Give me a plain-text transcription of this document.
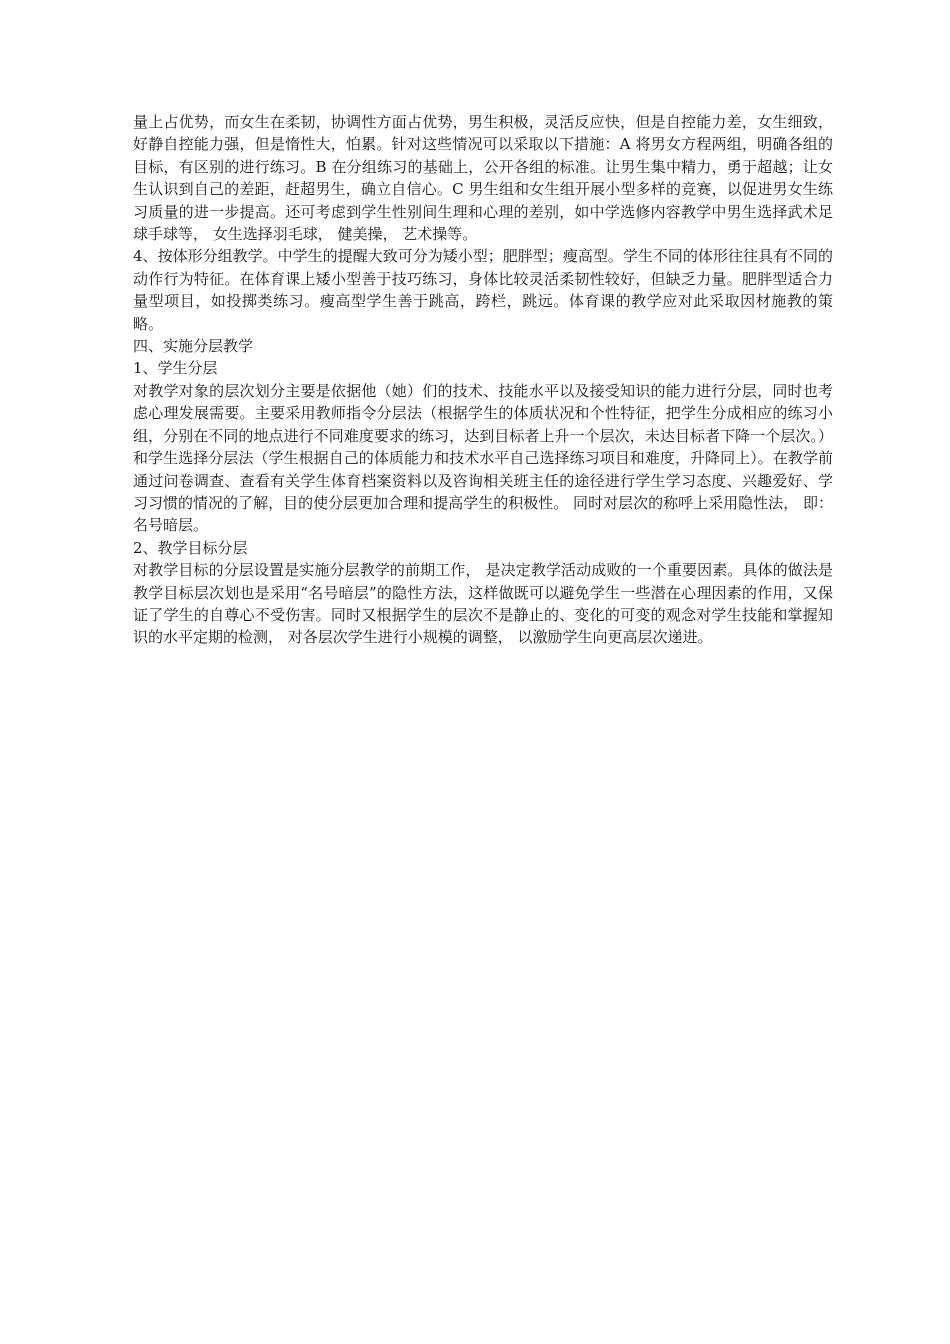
量上占优势，而女生在柔韧，协调性方面占优势，男生积极，灵活反应快，但是自控能力差，女生细致，好静自控能力强，但是惰性大，怕累。针对这些情况可以采取以下措施：A 将男女方程两组，明确各组的目标，有区别的进行练习。B 在分组练习的基础上，公开各组的标准。让男生集中精力，勇于超越；让女生认识到自己的差距，赶超男生，确立自信心。C 男生组和女生组开展小型多样的竞赛，以促进男女生练习质量的进一步提高。还可考虑到学生性别间生理和心理的差别，如中学选修内容教学中男生选择武术足球手球等， 女生选择羽毛球， 健美操， 艺术操等。

4、按体形分组教学。中学生的提醒大致可分为矮小型；肥胖型；瘦高型。学生不同的体形往往具有不同的动作行为特征。在体育课上矮小型善于技巧练习，身体比较灵活柔韧性较好，但缺乏力量。肥胖型适合力量型项目，如投掷类练习。瘦高型学生善于跳高，跨栏，跳远。体育课的教学应对此采取因材施教的策略。

四、实施分层教学

1、学生分层

对教学对象的层次划分主要是依据他（她）们的技术、技能水平以及接受知识的能力进行分层，同时也考虑心理发展需要。主要采用教师指令分层法（根据学生的体质状况和个性特征，把学生分成相应的练习小组，分别在不同的地点进行不同难度要求的练习，达到目标者上升一个层次，未达目标者下降一个层次。）和学生选择分层法（学生根据自己的体质能力和技术水平自己选择练习项目和难度，升降同上）。在教学前通过问卷调查、查看有关学生体育档案资料以及咨询相关班主任的途径进行学生学习态度、兴趣爱好、学习习惯的情况的了解，目的使分层更加合理和提高学生的积极性。 同时对层次的称呼上采用隐性法， 即： 名号暗层。

2、教学目标分层

对教学目标的分层设置是实施分层教学的前期工作， 是决定教学活动成败的一个重要因素。具体的做法是教学目标层次划也是采用“名号暗层”的隐性方法，这样做既可以避免学生一些潜在心理因素的作用，又保证了学生的自尊心不受伤害。同时又根据学生的层次不是静止的、变化的可变的观念对学生技能和掌握知识的水平定期的检测， 对各层次学生进行小规模的调整， 以激励学生向更高层次递进。
